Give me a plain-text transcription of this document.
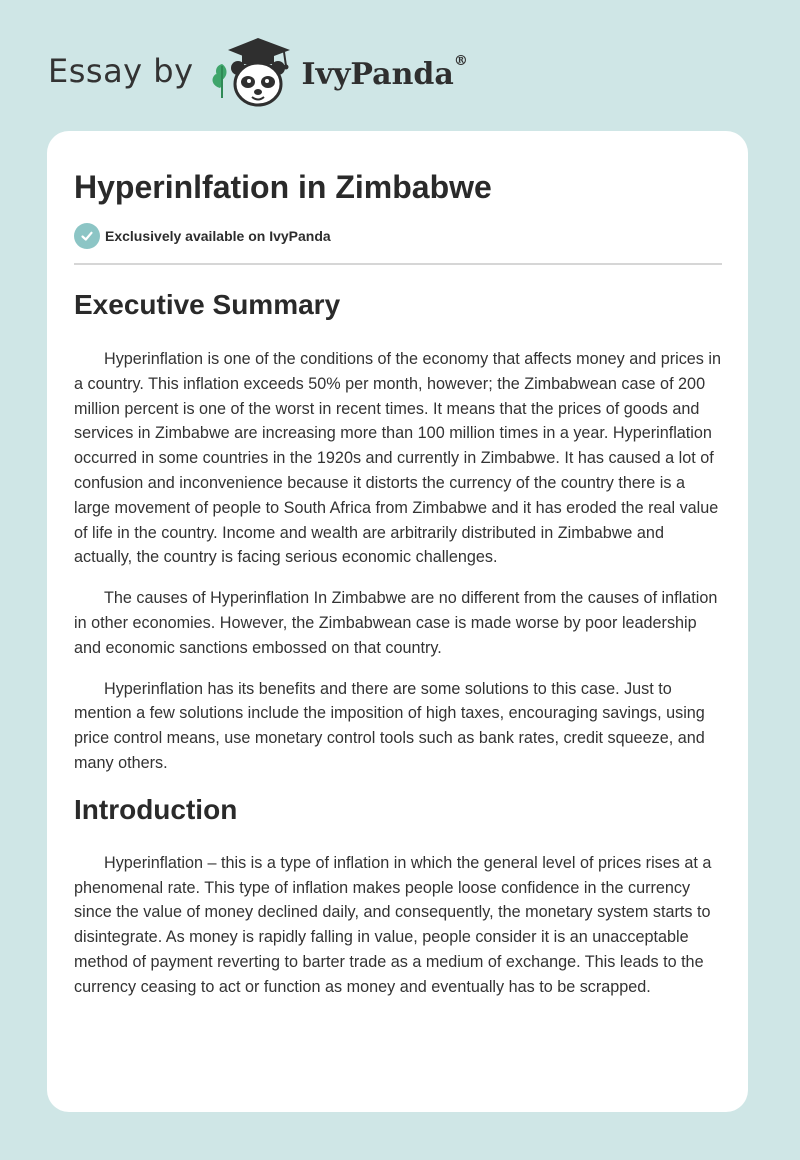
Essay by	IvyPanda®
Hyperinlfation in Zimbabwe
Exclusively available on IvyPanda
Executive Summary

Hyperinflation is one of the conditions of the economy that affects money and prices in a country. This inflation exceeds 50% per month, however; the Zimbabwean case of 200 million percent is one of the worst in recent times. It means that the prices of goods and services in Zimbabwe are increasing more than 100 million times in a year. Hyperinflation occurred in some countries in the 1920s and currently in Zimbabwe. It has caused a lot of confusion and inconvenience because it distorts the currency of the country there is a large movement of people to South Africa from Zimbabwe and it has eroded the real value of life in the country. Income and wealth are arbitrarily distributed in Zimbabwe and actually, the country is facing serious economic challenges.

The causes of Hyperinflation In Zimbabwe are no different from the causes of inflation in other economies. However, the Zimbabwean case is made worse by poor leadership and economic sanctions embossed on that country.

Hyperinflation has its benefits and there are some solutions to this case. Just to mention a few solutions include the imposition of high taxes, encouraging savings, using price control means, use monetary control tools such as bank rates, credit squeeze, and many others.

Introduction

Hyperinflation – this is a type of inflation in which the general level of prices rises at a phenomenal rate. This type of inflation makes people loose confidence in the currency since the value of money declined daily, and consequently, the monetary system starts to disintegrate. As money is rapidly falling in value, people consider it is an unacceptable method of payment reverting to barter trade as a medium of exchange. This leads to the currency ceasing to act or function as money and eventually has to be scrapped.
